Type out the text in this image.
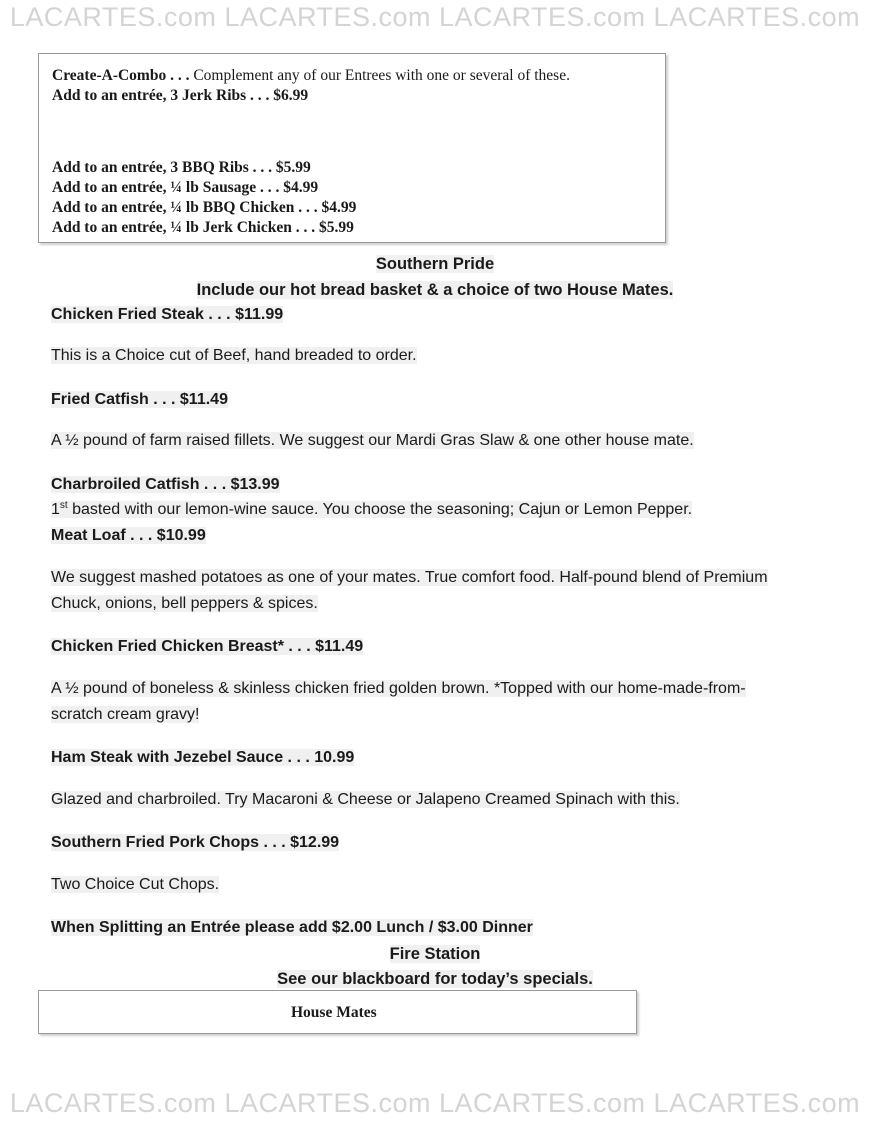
LACARTES.com LACARTES.com LACARTES.com LACARTES.com
Create-A-Combo . . . Complement any of our Entrees with one or several of these.
Add to an entrée, 3 Jerk Ribs . . . $6.99
Add to an entrée, 3 BBQ Ribs . . . $5.99
Add to an entrée, ¼ lb Sausage . . . $4.99
Add to an entrée, ¼ lb BBQ Chicken . . . $4.99
Add to an entrée, ¼ lb Jerk Chicken . . . $5.99
Southern Pride
Include our hot bread basket & a choice of two House Mates.
Chicken Fried Steak . . . $11.99
This is a Choice cut of Beef, hand breaded to order.
Fried Catfish . . . $11.49
A ½ pound of farm raised fillets. We suggest our Mardi Gras Slaw & one other house mate.
Charbroiled Catfish . . . $13.99
1st basted with our lemon-wine sauce. You choose the seasoning; Cajun or Lemon Pepper.
Meat Loaf . . . $10.99
We suggest mashed potatoes as one of your mates. True comfort food. Half-pound blend of Premium
Chuck, onions, bell peppers & spices.
Chicken Fried Chicken Breast* . . . $11.49
A ½ pound of boneless & skinless chicken fried golden brown. *Topped with our home-made-from-
scratch cream gravy!
Ham Steak with Jezebel Sauce . . . 10.99
Glazed and charbroiled. Try Macaroni & Cheese or Jalapeno Creamed Spinach with this.
Southern Fried Pork Chops . . . $12.99
Two Choice Cut Chops.
When Splitting an Entrée please add $2.00 Lunch / $3.00 Dinner
Fire Station
See our blackboard for today’s specials.
House Mates
LACARTES.com LACARTES.com LACARTES.com LACARTES.com
